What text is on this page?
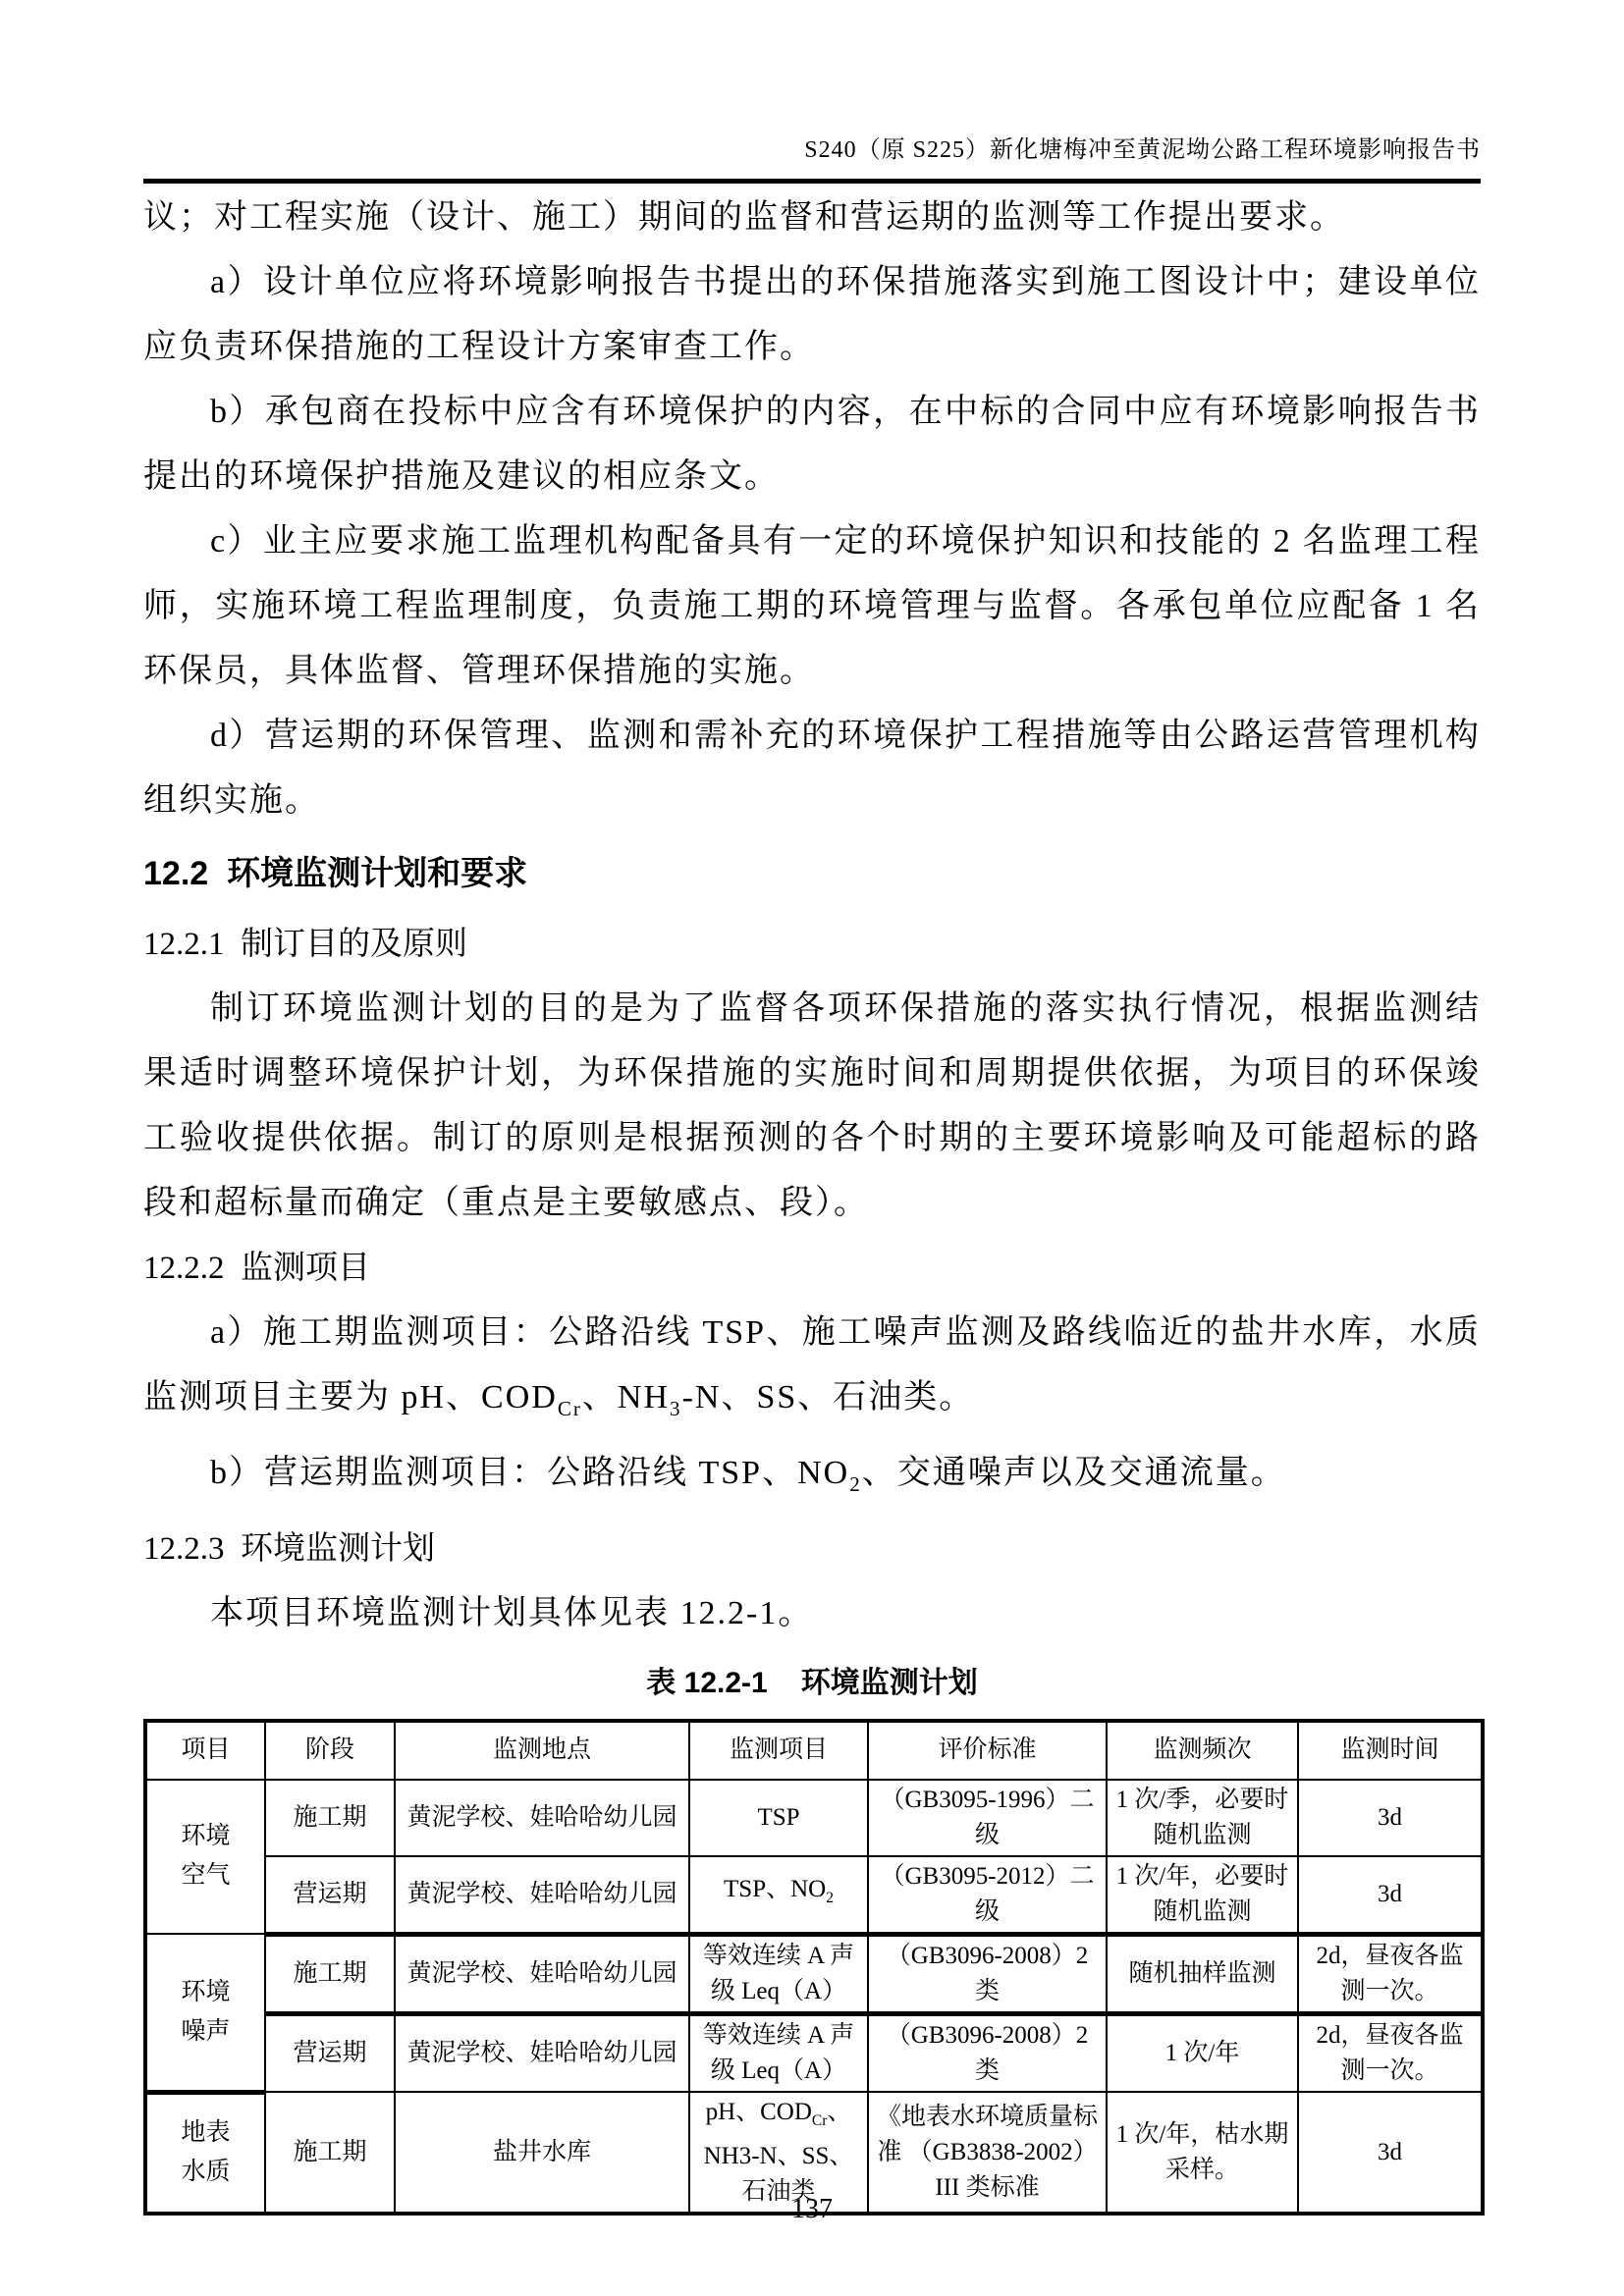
S240（原 S225）新化塘梅冲至黄泥坳公路工程环境影响报告书

议；对工程实施（设计、施工）期间的监督和营运期的监测等工作提出要求。

a）设计单位应将环境影响报告书提出的环保措施落实到施工图设计中；建设单位应负责环保措施的工程设计方案审查工作。

b）承包商在投标中应含有环境保护的内容，在中标的合同中应有环境影响报告书提出的环境保护措施及建议的相应条文。

c）业主应要求施工监理机构配备具有一定的环境保护知识和技能的 2 名监理工程师，实施环境工程监理制度，负责施工期的环境管理与监督。各承包单位应配备 1 名环保员，具体监督、管理环保措施的实施。

d）营运期的环保管理、监测和需补充的环境保护工程措施等由公路运营管理机构组织实施。

12.2  环境监测计划和要求
12.2.1  制订目的及原则

制订环境监测计划的目的是为了监督各项环保措施的落实执行情况，根据监测结果适时调整环境保护计划，为环保措施的实施时间和周期提供依据，为项目的环保竣工验收提供依据。制订的原则是根据预测的各个时期的主要环境影响及可能超标的路段和超标量而确定（重点是主要敏感点、段）。

12.2.2  监测项目

a）施工期监测项目：公路沿线 TSP、施工噪声监测及路线临近的盐井水库，水质监测项目主要为 pH、$COD_{Cr}$、$NH_3-N$、SS、石油类。

b）营运期监测项目：公路沿线 TSP、$NO_2$、交通噪声以及交通流量。

12.2.3  环境监测计划

本项目环境监测计划具体见表 12.2-1。

表 12.2-1 环境监测计划
项目	阶段	监测地点	监测项目	评价标准	监测频次	监测时间
环境空气	施工期	黄泥学校、娃哈哈幼儿园	TSP	（GB3095-1996）二级	1 次/季，必要时随机监测	3d
	营运期	黄泥学校、娃哈哈幼儿园	TSP、$NO_2$	（GB3095-2012）二级	1 次/年，必要时随机监测	3d
环境噪声	施工期	黄泥学校、娃哈哈幼儿园	等效连续 A 声级 Leq（A）	（GB3096-2008）2 类	随机抽样监测	2d，昼夜各监测一次。
	营运期	黄泥学校、娃哈哈幼儿园	等效连续 A 声级 Leq（A）	（GB3096-2008）2 类	1 次/年	2d，昼夜各监测一次。
地表水质	施工期	盐井水库	pH、$COD_{Cr}$、NH3-N、SS、石油类	《地表水环境质量标准 （GB3838-2002）III 类标准	1 次/年，枯水期采样。	3d
137
